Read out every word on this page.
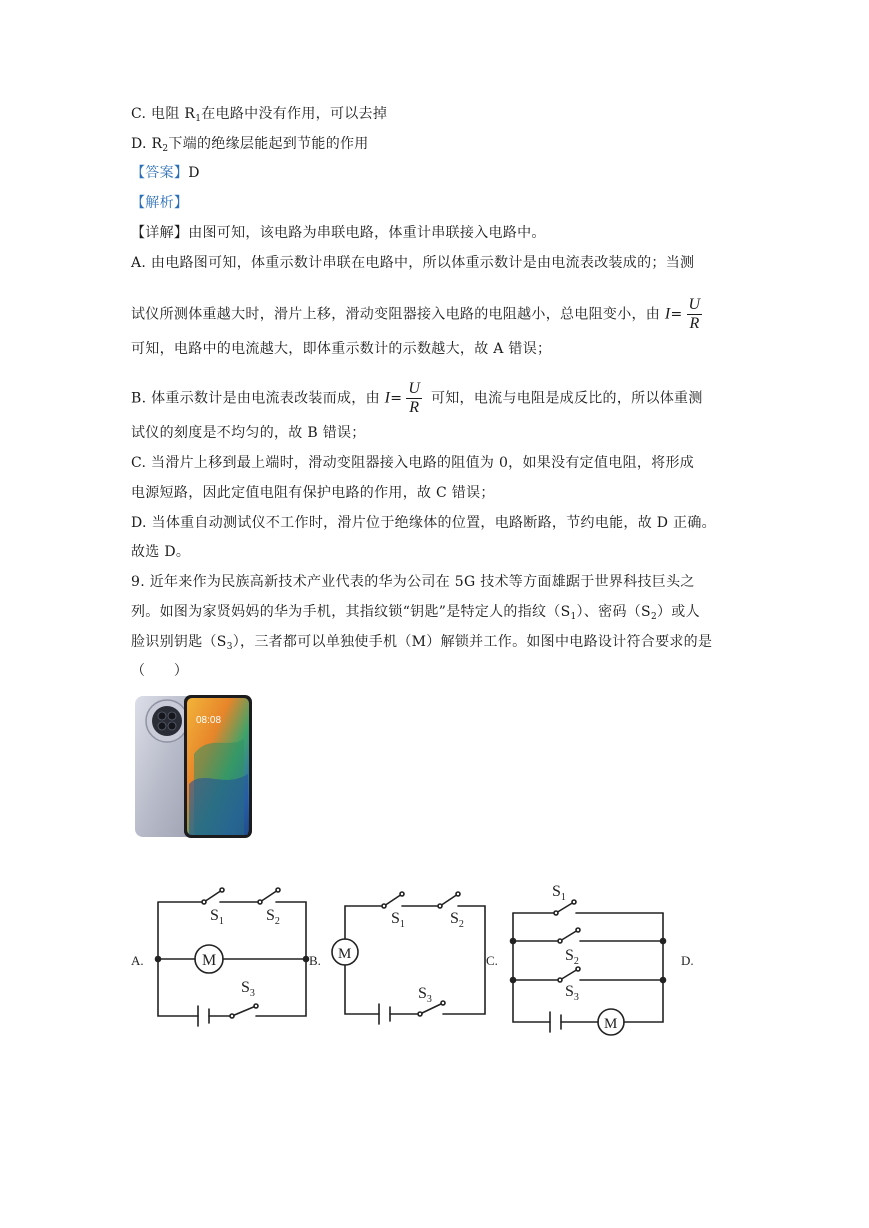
C. 电阻 $R_1$在电路中没有作用，可以去掉
D. $R_2$下端的绝缘层能起到节能的作用
【答案】D
【解析】
【详解】由图可知，该电路为串联电路，体重计串联接入电路中。
A. 由电路图可知，体重示数计串联在电路中，所以体重示数计是由电流表改装成的；当测
试仪所测体重越大时，滑片上移，滑动变阻器接入电路的电阻越小，总电阻变小，由 $I= \frac{U}{R}$
可知，电路中的电流越大，即体重示数计的示数越大，故 A 错误；
B. 体重示数计是由电流表改装而成，由 $I= \frac{U}{R}$ 可知，电流与电阻是成反比的，所以体重测
试仪的刻度是不均匀的，故 B 错误；
C. 当滑片上移到最上端时，滑动变阻器接入电路的阻值为 0，如果没有定值电阻，将形成
电源短路，因此定值电阻有保护电路的作用，故 C 错误；
D. 当体重自动测试仪不工作时，滑片位于绝缘体的位置，电路断路，节约电能，故 D 正确。
故选 D。
9. 近年来作为民族高新技术产业代表的华为公司在 5G 技术等方面雄踞于世界科技巨头之
列。如图为家贤妈妈的华为手机，其指纹锁“钥匙”是特定人的指纹$(S_1)$、密码$(S_2)$或人
脸识别钥匙$(S_3)$，三者都可以单独使手机（M）解锁并工作。如图中电路设计符合要求的是
（　　）
08:08
$S_1$	$S_2$
M
$S_3$
$S_1$	$S_2$
M
$S_3$
$S_1$
$S_2$
$S_3$
M
A.	B.	C.	D.
